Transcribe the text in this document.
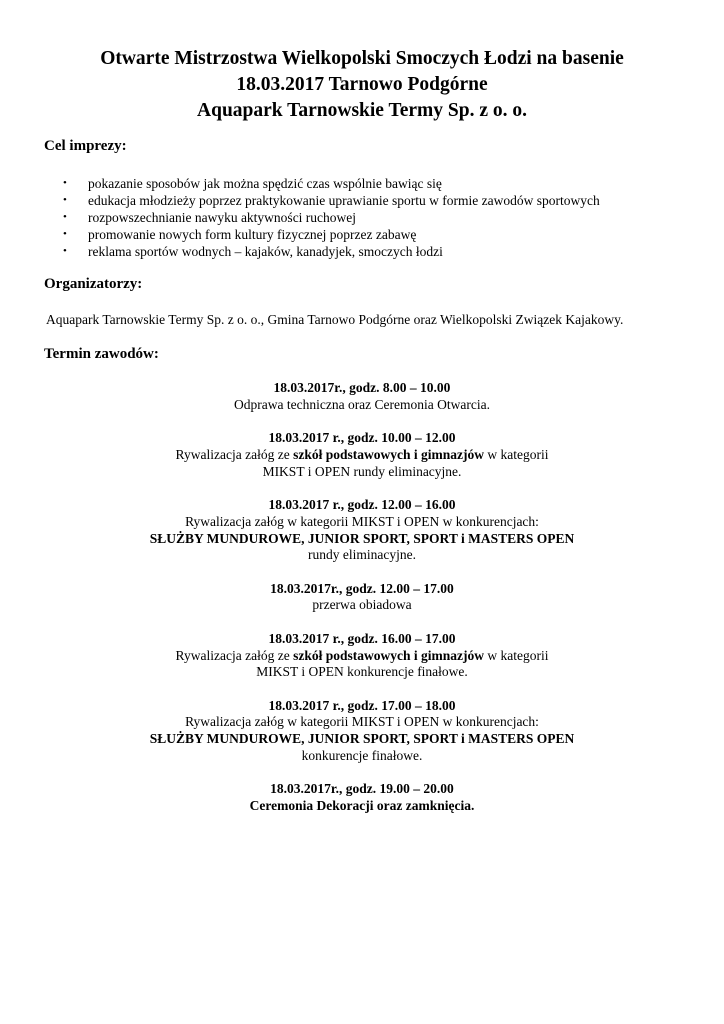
Otwarte Mistrzostwa Wielkopolski Smoczych Łodzi na basenie
18.03.2017 Tarnowo Podgórne
Aquapark Tarnowskie Termy Sp. z o. o.
Cel imprezy:
• pokazanie sposobów jak można spędzić czas wspólnie bawiąc się
• edukacja młodzieży poprzez praktykowanie uprawianie sportu w formie zawodów sportowych
• rozpowszechnianie nawyku aktywności ruchowej
• promowanie nowych form kultury fizycznej poprzez zabawę
• reklama sportów wodnych – kajaków, kanadyjek, smoczych łodzi
Organizatorzy:
Aquapark Tarnowskie Termy Sp. z o. o., Gmina Tarnowo Podgórne oraz Wielkopolski Związek Kajakowy.
Termin zawodów:
18.03.2017r., godz. 8.00 – 10.00
Odprawa techniczna oraz Ceremonia Otwarcia.
18.03.2017 r., godz. 10.00 – 12.00
Rywalizacja załóg ze szkół podstawowych i gimnazjów w kategorii
MIKST i OPEN rundy eliminacyjne.
18.03.2017 r., godz. 12.00 – 16.00
Rywalizacja załóg w kategorii MIKST i OPEN w konkurencjach:
SŁUŻBY MUNDUROWE, JUNIOR SPORT, SPORT i MASTERS OPEN
rundy eliminacyjne.
18.03.2017r., godz. 12.00 – 17.00
przerwa obiadowa
18.03.2017 r., godz. 16.00 – 17.00
Rywalizacja załóg ze szkół podstawowych i gimnazjów w kategorii
MIKST i OPEN konkurencje finałowe.
18.03.2017 r., godz. 17.00 – 18.00
Rywalizacja załóg w kategorii MIKST i OPEN w konkurencjach:
SŁUŻBY MUNDUROWE, JUNIOR SPORT, SPORT i MASTERS OPEN
konkurencje finałowe.
18.03.2017r., godz. 19.00 – 20.00
Ceremonia Dekoracji oraz zamknięcia.
